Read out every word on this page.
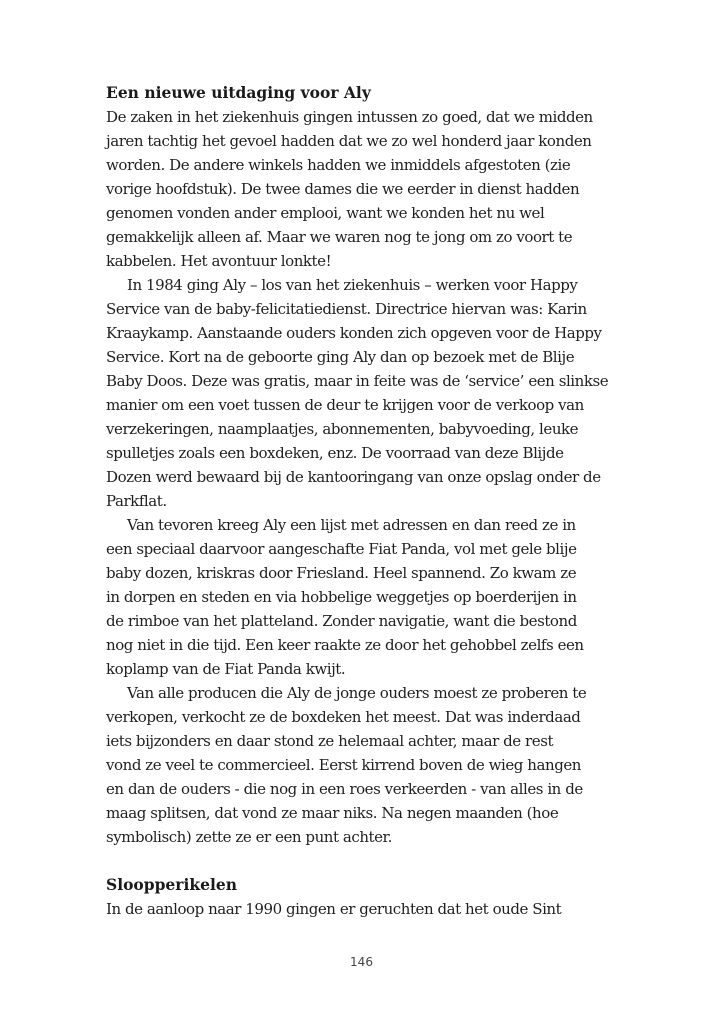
Een nieuwe uitdaging voor Aly
De zaken in het ziekenhuis gingen intussen zo goed, dat we midden
jaren tachtig het gevoel hadden dat we zo wel honderd jaar konden
worden. De andere winkels hadden we inmiddels afgestoten (zie
vorige hoofdstuk). De twee dames die we eerder in dienst hadden
genomen vonden ander emplooi, want we konden het nu wel
gemakkelijk alleen af. Maar we waren nog te jong om zo voort te
kabbelen. Het avontuur lonkte!
In 1984 ging Aly – los van het ziekenhuis – werken voor Happy
Service van de baby-felicitatiedienst. Directrice hiervan was: Karin
Kraaykamp. Aanstaande ouders konden zich opgeven voor de Happy
Service. Kort na de geboorte ging Aly dan op bezoek met de Blije
Baby Doos. Deze was gratis, maar in feite was de ‘service’ een slinkse
manier om een voet tussen de deur te krijgen voor de verkoop van
verzekeringen, naamplaatjes, abonnementen, babyvoeding, leuke
spulletjes zoals een boxdeken, enz. De voorraad van deze Blijde
Dozen werd bewaard bij de kantooringang van onze opslag onder de
Parkflat.
Van tevoren kreeg Aly een lijst met adressen en dan reed ze in
een speciaal daarvoor aangeschafte Fiat Panda, vol met gele blije
baby dozen, kriskras door Friesland. Heel spannend. Zo kwam ze
in dorpen en steden en via hobbelige weggetjes op boerderijen in
de rimboe van het platteland. Zonder navigatie, want die bestond
nog niet in die tijd. Een keer raakte ze door het gehobbel zelfs een
koplamp van de Fiat Panda kwijt.
Van alle producen die Aly de jonge ouders moest ze proberen te
verkopen, verkocht ze de boxdeken het meest. Dat was inderdaad
iets bijzonders en daar stond ze helemaal achter, maar de rest
vond ze veel te commercieel. Eerst kirrend boven de wieg hangen
en dan de ouders - die nog in een roes verkeerden - van alles in de
maag splitsen, dat vond ze maar niks. Na negen maanden (hoe
symbolisch) zette ze er een punt achter.
Sloopperikelen
In de aanloop naar 1990 gingen er geruchten dat het oude Sint
146
